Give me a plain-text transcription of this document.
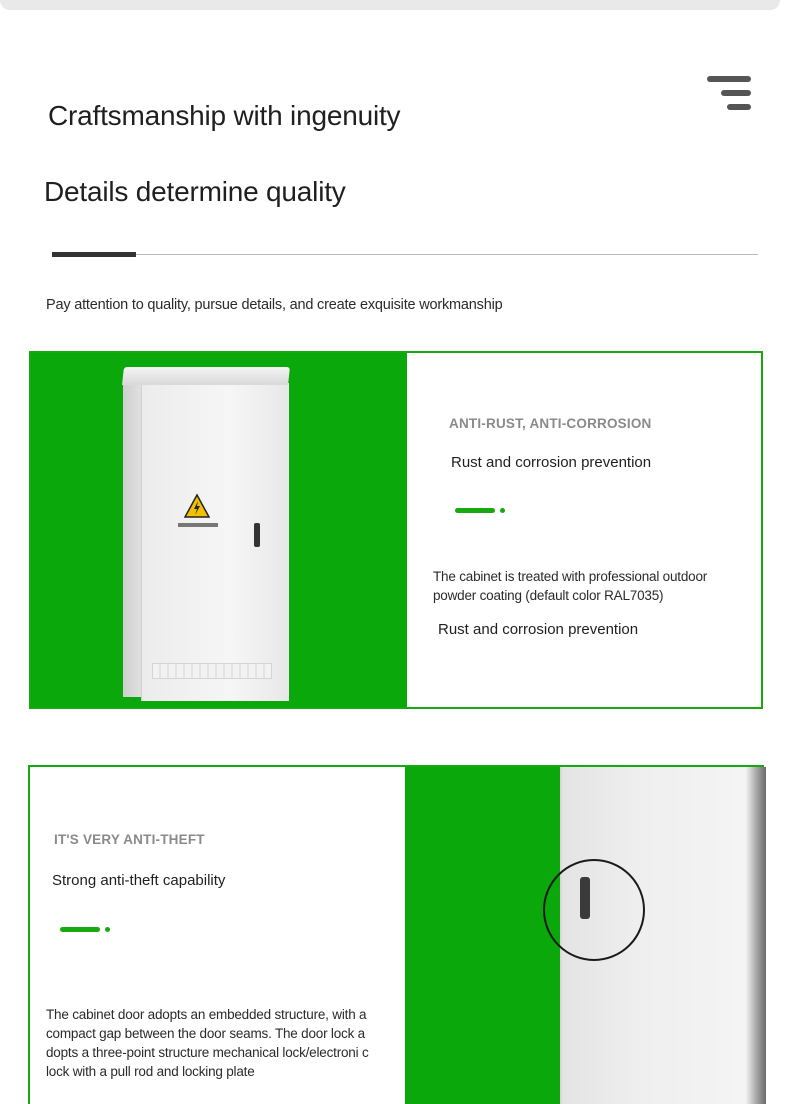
Craftsmanship with ingenuity
Details determine quality

Pay attention to quality, pursue details, and create exquisite workmanship

ANTI-RUST, ANTI-CORROSION
Rust and corrosion prevention

The cabinet is treated with professional outdoor powder coating (default color RAL7035)

Rust and corrosion prevention
IT'S VERY ANTI-THEFT
Strong anti-theft capability

The cabinet door adopts an embedded structure, with a compact gap between the door seams. The door lock a dopts a three-point structure mechanical lock/electroni c lock with a pull rod and locking plate
